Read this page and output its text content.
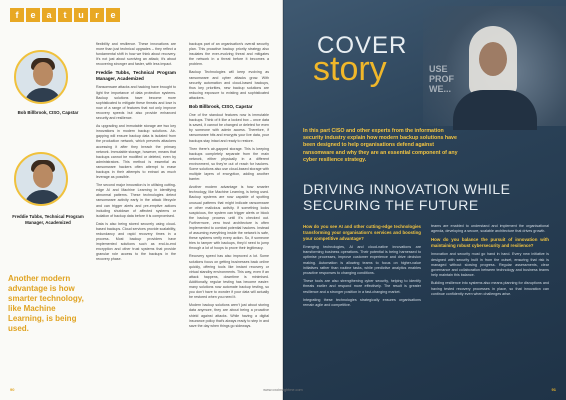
f	e	a	t	u	r	e
Bob Billbrook, CISO, Capstar
Freddie Tubbs, Technical Program Manager, Academized
Another modern advantage is how smarter technology, like Machine Learning, is being used.

flexibility and resilience. These innovations are more than just technical upgrades – they reflect a fundamental shift in how we think about recovery. It's not just about surviving an attack; it's about recovering stronger and faster, with less impact.

Freddie Tubbs, Technical Program Manager, Academized

Ransomware attacks and hacking have brought to light the importance of data protection systems. Backup solutions have become more sophisticated to mitigate these threats and lose is now of a range of features that not only improve recovery speeds but also provide enhanced security and resilience.

As upgrading and immutable storage are two key innovations in modern backup solutions. Air-gapping will ensure backup data is isolated from the production network, which prevents attackers accessing it after they breach the primary network. Immutable storage, however, means that backups cannot be modified or deleted, even by administrators. This method is essential as ransomware hackers often attempt to erase backups in their attempts to extract as much leverage as possible.

The second major innovation is in utilising cutting-edge AI and Machine Learning in identifying abnormal patterns. These technologies detect ransomware activity early in the attack lifecycle and can trigger alerts and pre-emptive actions including shutdown of affected systems or isolation of backup data before it is compromised.

Data is also being stored securely using cloud-based backups. Cloud services provide scalability, redundancy and rapid recovery times in a process. Most backup providers have implemented solutions such as end-to-end encryption and other trust systems that provide granular role access to the backups in the recovery phase.

backups part of an organisation's overall security plan. This proactive backup priority strategy also insulates the ever-evolving threat and mitigates the network in a threat before it becomes a problem.

Backup Technologies will keep evolving as ransomware and cyber attacks grow. With security automation and cloud-based backups, thus key priorities, new backup solutions are reducing exposure to existing and sophisticated attackers.

Bob Billbrook, CISO, Capstar

One of the standout features now is immutable backups. Think of it like a locked box – once data is saved, it cannot be changed or deleted for even by someone with admin access. Therefore, if ransomware hits and encrypts your live data, your backups stay intact and ready to restore.

Then there's air-gapped storage. This is keeping backups completely separate from the main network, either physically in a different environment, so they're out of reach for hackers. Some solutions also use cloud-based storage with multiple layers of encryption, adding another barrier.

Another modern advantage is how smarter technology, like Machine Learning, is being used. Backup systems are now capable of spotting unusual patterns that might indicate ransomware or other malicious activity. If something looks suspicious, the system can trigger alerts or block the backup process until it's checked out. Furthermore, zero trust architecture is often implemented to combat potential hackers. Instead of assuming everything inside the network is safe, these systems verify every action. So, if someone tries to tamper with backups, they'd need to jump through a lot of hoops to prove their legitimacy.

Recovery speed has also improved a lot. Some solutions focus on getting businesses back online quickly, offering tools like instant recovery or virtual standby environments. This way, even if an attack happens, downtime is minimised. Additionally, regular testing has become easier: many solutions now automate backup testing, so you don't have to wonder if your data will actually be restored when you need it.

Modern backup solutions aren't just about storing data anymore, they are about being a proactive shield against attacks. While having a digital insurance policy that's always ready to step in and save the day when things go sideways.

90
USE
PROF
WE...
COVER
story
In this part CISO and other experts from the information security industry explain how modern backup solutions have been designed to help organisations defend against ransomware and why they are an essential component of any cyber resilience strategy.
DRIVING INNOVATION WHILE SECURING THE FUTURE

How do you see AI and other cutting-edge technologies transforming your organisation's services and boosting your competitive advantage?

Emerging technologies, AI and cloud-native innovations are transforming business operations. Their potential is being harnessed to optimise processes, improve customer experience and drive decision making. Automation is allowing teams to focus on higher-value initiatives rather than routine tasks, while predictive analytics enables proactive responses to changing conditions.

These tools are also strengthening cyber security, helping to identify threats earlier and respond more effectively. The result is greater resilience and a stronger position in a fast-changing market.

Integrating these technologies strategically ensures organisations remain agile and competitive.

teams are enabled to understand and implement the organisational agenda, developing a secure, scalable architecture that drives growth.

How do you balance the pursuit of innovation with maintaining robust cybersecurity and resilience?

Innovation and security must go hand in hand. Every new initiative is designed with security built in from the outset, ensuring that risk is managed without slowing progress. Regular assessments, clear governance and collaboration between technology and business teams help maintain this balance.

Building resilience into systems also means planning for disruptions and having tested recovery processes in place, so that innovation can continue confidently even when challenges arise.

91
www.cxoinsightme.com
